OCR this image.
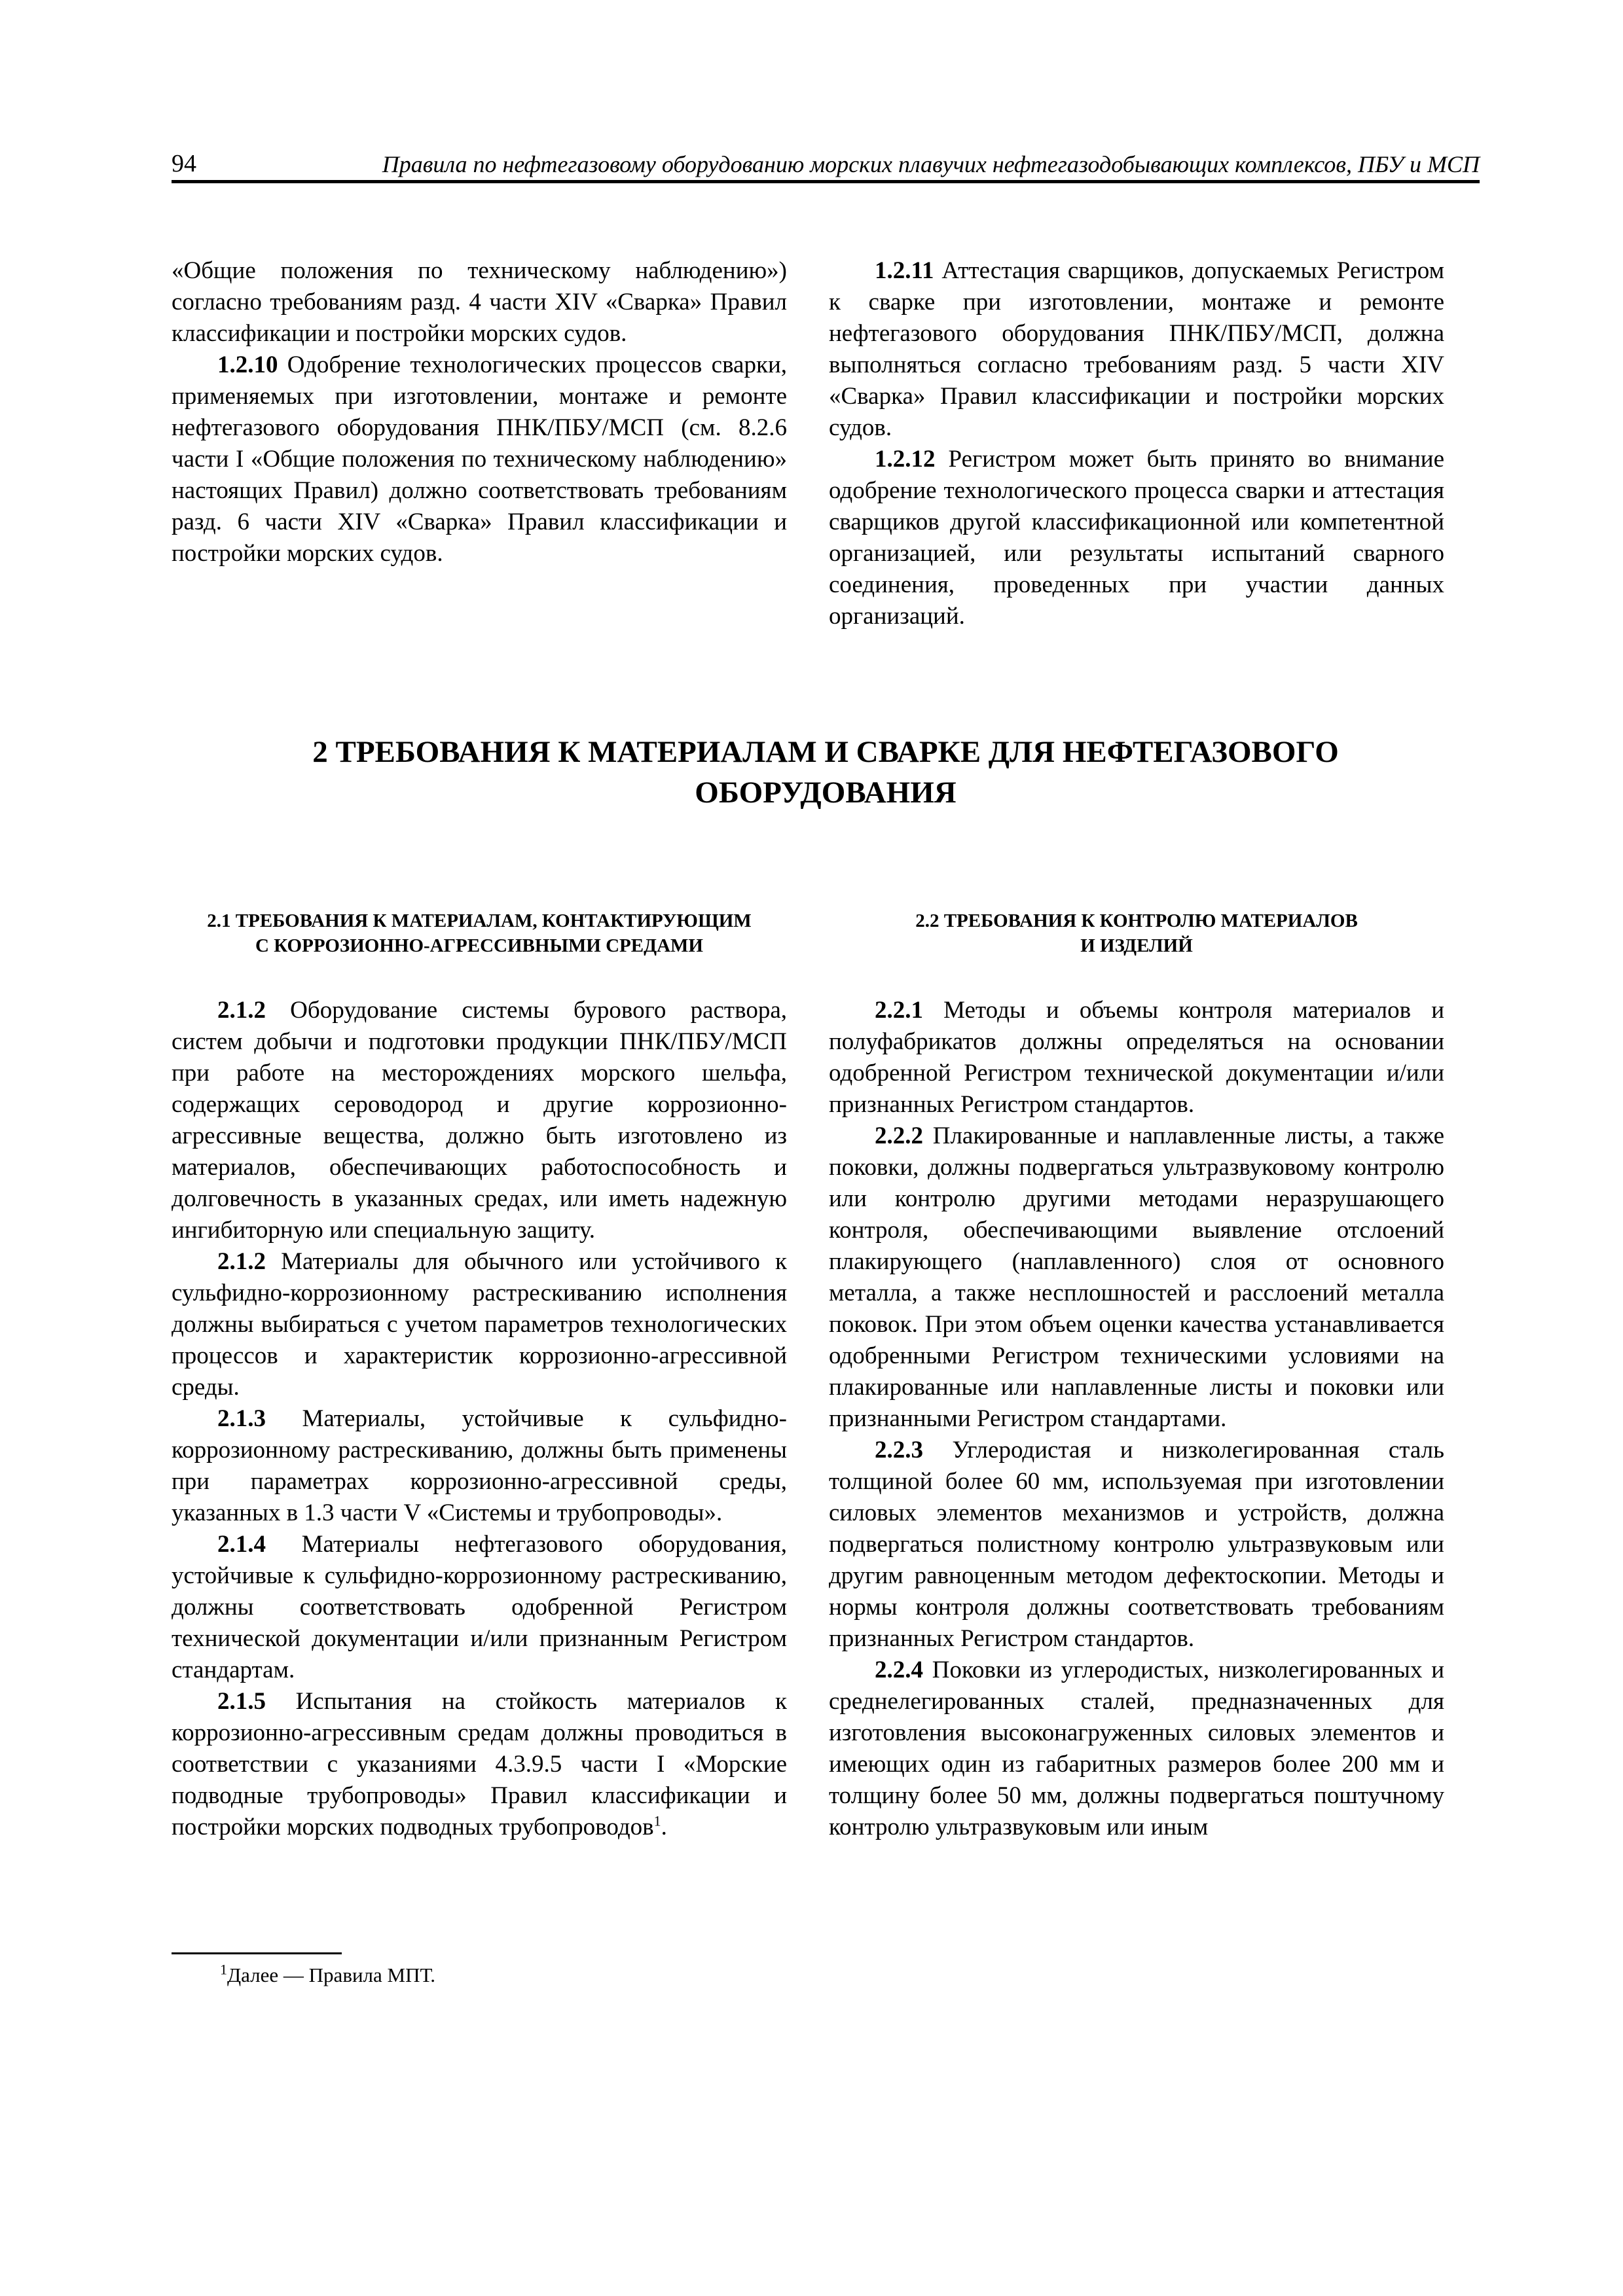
94	Правила по нефтегазовому оборудованию морских плавучих нефтегазодобывающих комплексов, ПБУ и МСП

«Общие положения по техническому наблюдению») согласно требованиям разд. 4 части XIV «Сварка» Правил классификации и постройки морских судов.

1.2.10 Одобрение технологических процессов сварки, применяемых при изготовлении, монтаже и ремонте нефтегазового оборудования ПНК/ПБУ/МСП (см. 8.2.6 части I «Общие положения по техническому наблюдению» настоящих Правил) должно соответствовать требованиям разд. 6 части XIV «Сварка» Правил классификации и постройки морских судов.

1.2.11 Аттестация сварщиков, допускаемых Регистром к сварке при изготовлении, монтаже и ремонте нефтегазового оборудования ПНК/ПБУ/МСП, должна выполняться согласно требованиям разд. 5 части XIV «Сварка» Правил классификации и постройки морских судов.

1.2.12 Регистром может быть принято во внимание одобрение технологического процесса сварки и аттестация сварщиков другой классификационной или компетентной организацией, или результаты испытаний сварного соединения, проведенных при участии данных организаций.

2 ТРЕБОВАНИЯ К МАТЕРИАЛАМ И СВАРКЕ ДЛЯ НЕФТЕГАЗОВОГО
ОБОРУДОВАНИЯ
2.1 ТРЕБОВАНИЯ К МАТЕРИАЛАМ, КОНТАКТИРУЮЩИМ
С КОРРОЗИОННО-АГРЕССИВНЫМИ СРЕДАМИ
2.2 ТРЕБОВАНИЯ К КОНТРОЛЮ МАТЕРИАЛОВ
И ИЗДЕЛИЙ

2.1.2 Оборудование системы бурового раствора, систем добычи и подготовки продукции ПНК/ПБУ/МСП при работе на месторождениях морского шельфа, содержащих сероводород и другие коррозионно-агрессивные вещества, должно быть изготовлено из материалов, обеспечивающих работоспособность и долговечность в указанных средах, или иметь надежную ингибиторную или специальную защиту.

2.1.2 Материалы для обычного или устойчивого к сульфидно-коррозионному растрескиванию исполнения должны выбираться с учетом параметров технологических процессов и характеристик коррозионно-агрессивной среды.

2.1.3 Материалы, устойчивые к сульфидно-коррозионному растрескиванию, должны быть применены при параметрах коррозионно-агрессивной среды, указанных в 1.3 части V «Системы и трубопроводы».

2.1.4 Материалы нефтегазового оборудования, устойчивые к сульфидно-коррозионному растрескиванию, должны соответствовать одобренной Регистром технической документации и/или признанным Регистром стандартам.

2.1.5 Испытания на стойкость материалов к коррозионно-агрессивным средам должны проводиться в соответствии с указаниями 4.3.9.5 части I «Морские подводные трубопроводы» Правил классификации и постройки морских подводных трубопроводов$^1$.

2.2.1 Методы и объемы контроля материалов и полуфабрикатов должны определяться на основании одобренной Регистром технической документации и/или признанных Регистром стандартов.

2.2.2 Плакированные и наплавленные листы, а также поковки, должны подвергаться ультразвуковому контролю или контролю другими методами неразрушающего контроля, обеспечивающими выявление отслоений плакирующего (наплавленного) слоя от основного металла, а также несплошностей и расслоений металла поковок. При этом объем оценки качества устанавливается одобренными Регистром техническими условиями на плакированные или наплавленные листы и поковки или признанными Регистром стандартами.

2.2.3 Углеродистая и низколегированная сталь толщиной более 60 мм, используемая при изготовлении силовых элементов механизмов и устройств, должна подвергаться полистному контролю ультразвуковым или другим равноценным методом дефектоскопии. Методы и нормы контроля должны соответствовать требованиям признанных Регистром стандартов.

2.2.4 Поковки из углеродистых, низколегированных и среднелегированных сталей, предназначенных для изготовления высоконагруженных силовых элементов и имеющих один из габаритных размеров более 200 мм и толщину более 50 мм, должны подвергаться поштучному контролю ультразвуковым или иным

$^1$Далее — Правила МПТ.
